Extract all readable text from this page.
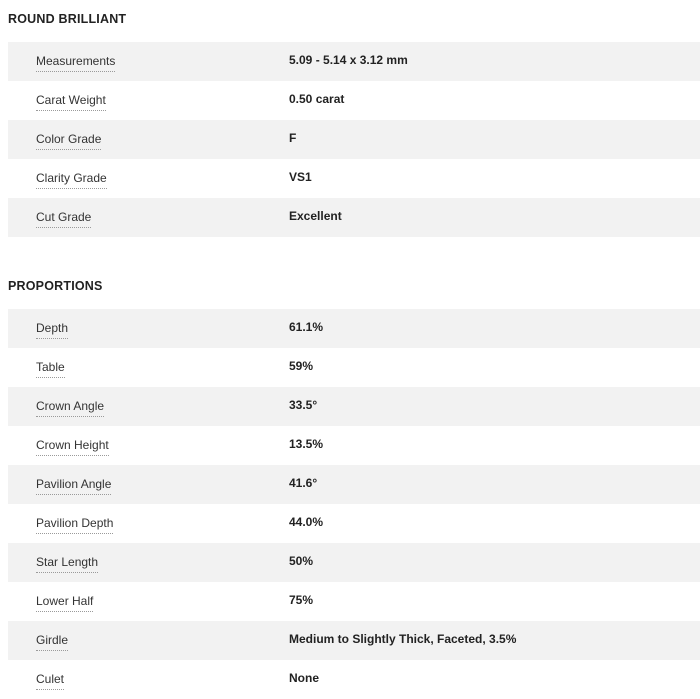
ROUND BRILLIANT
Measurements	5.09 - 5.14 x 3.12 mm
Carat Weight	0.50 carat
Color Grade	F
Clarity Grade	VS1
Cut Grade	Excellent
PROPORTIONS
Depth	61.1%
Table	59%
Crown Angle	33.5°
Crown Height	13.5%
Pavilion Angle	41.6°
Pavilion Depth	44.0%
Star Length	50%
Lower Half	75%
Girdle	Medium to Slightly Thick, Faceted, 3.5%
Culet	None
